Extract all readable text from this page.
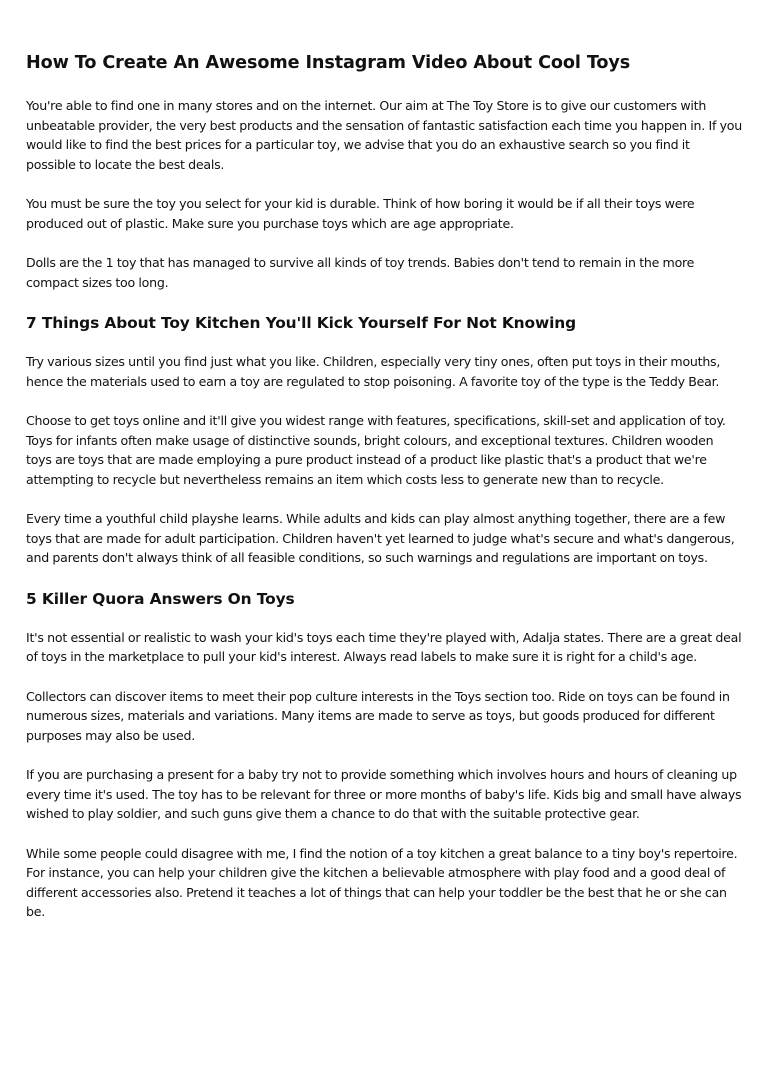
How To Create An Awesome Instagram Video About Cool Toys

You're able to find one in many stores and on the internet. Our aim at The Toy Store is to give our customers with unbeatable provider, the very best products and the sensation of fantastic satisfaction each time you happen in. If you would like to find the best prices for a particular toy, we advise that you do an exhaustive search so you find it possible to locate the best deals.

You must be sure the toy you select for your kid is durable. Think of how boring it would be if all their toys were produced out of plastic. Make sure you purchase toys which are age appropriate.

Dolls are the 1 toy that has managed to survive all kinds of toy trends. Babies don't tend to remain in the more compact sizes too long.

7 Things About Toy Kitchen You'll Kick Yourself For Not Knowing

Try various sizes until you find just what you like. Children, especially very tiny ones, often put toys in their mouths, hence the materials used to earn a toy are regulated to stop poisoning. A favorite toy of the type is the Teddy Bear.

Choose to get toys online and it'll give you widest range with features, specifications, skill-set and application of toy. Toys for infants often make usage of distinctive sounds, bright colours, and exceptional textures. Children wooden toys are toys that are made employing a pure product instead of a product like plastic that's a product that we're attempting to recycle but nevertheless remains an item which costs less to generate new than to recycle.

Every time a youthful child playshe learns. While adults and kids can play almost anything together, there are a few toys that are made for adult participation. Children haven't yet learned to judge what's secure and what's dangerous, and parents don't always think of all feasible conditions, so such warnings and regulations are important on toys.

5 Killer Quora Answers On Toys

It's not essential or realistic to wash your kid's toys each time they're played with, Adalja states. There are a great deal of toys in the marketplace to pull your kid's interest. Always read labels to make sure it is right for a child's age.

Collectors can discover items to meet their pop culture interests in the Toys section too. Ride on toys can be found in numerous sizes, materials and variations. Many items are made to serve as toys, but goods produced for different purposes may also be used.

If you are purchasing a present for a baby try not to provide something which involves hours and hours of cleaning up every time it's used. The toy has to be relevant for three or more months of baby's life. Kids big and small have always wished to play soldier, and such guns give them a chance to do that with the suitable protective gear.

While some people could disagree with me, I find the notion of a toy kitchen a great balance to a tiny boy's repertoire. For instance, you can help your children give the kitchen a believable atmosphere with play food and a good deal of different accessories also. Pretend it teaches a lot of things that can help your toddler be the best that he or she can be.
